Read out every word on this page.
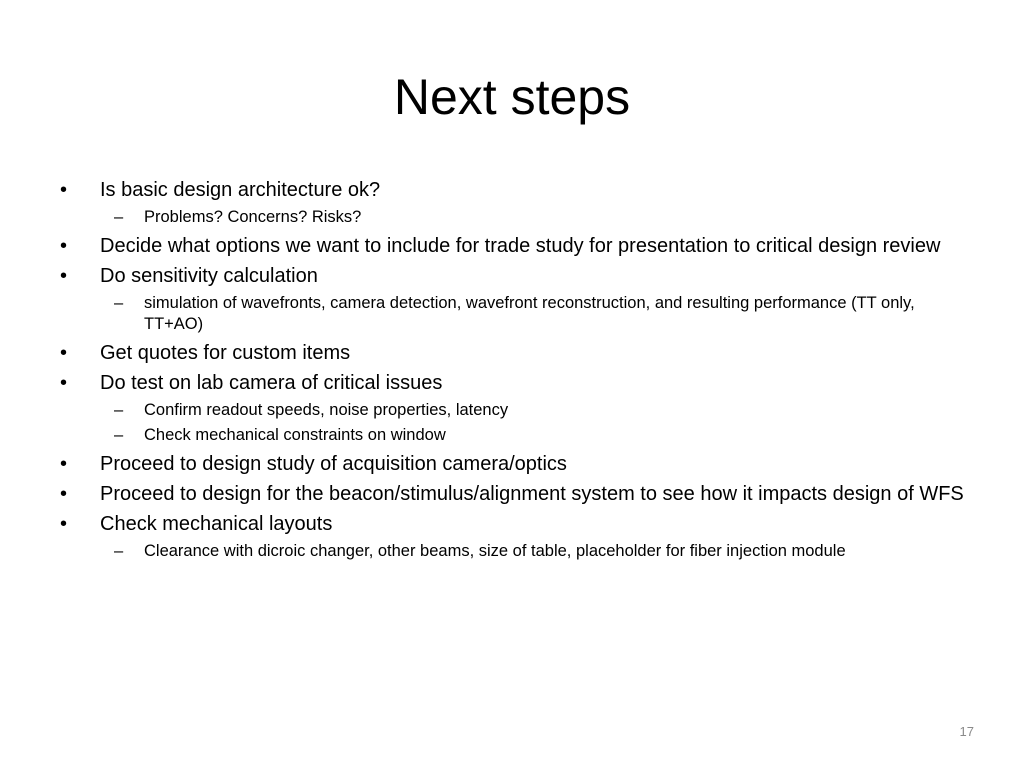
Next steps
•	Is basic design architecture ok?
–	Problems? Concerns? Risks?
•	Decide what options we want to include for trade study for presentation to critical design review
•	Do sensitivity calculation
–	simulation of wavefronts, camera detection, wavefront reconstruction, and resulting performance (TT only, TT+AO)
•	Get quotes for custom items
•	Do test on lab camera of critical issues
–	Confirm readout speeds, noise properties, latency
–	Check mechanical constraints on window
•	Proceed to design study of acquisition camera/optics
•	Proceed to design for the beacon/stimulus/alignment system to see how it impacts design of WFS
•	Check mechanical layouts
–	Clearance with dicroic changer, other beams, size of table, placeholder for fiber injection module
17
